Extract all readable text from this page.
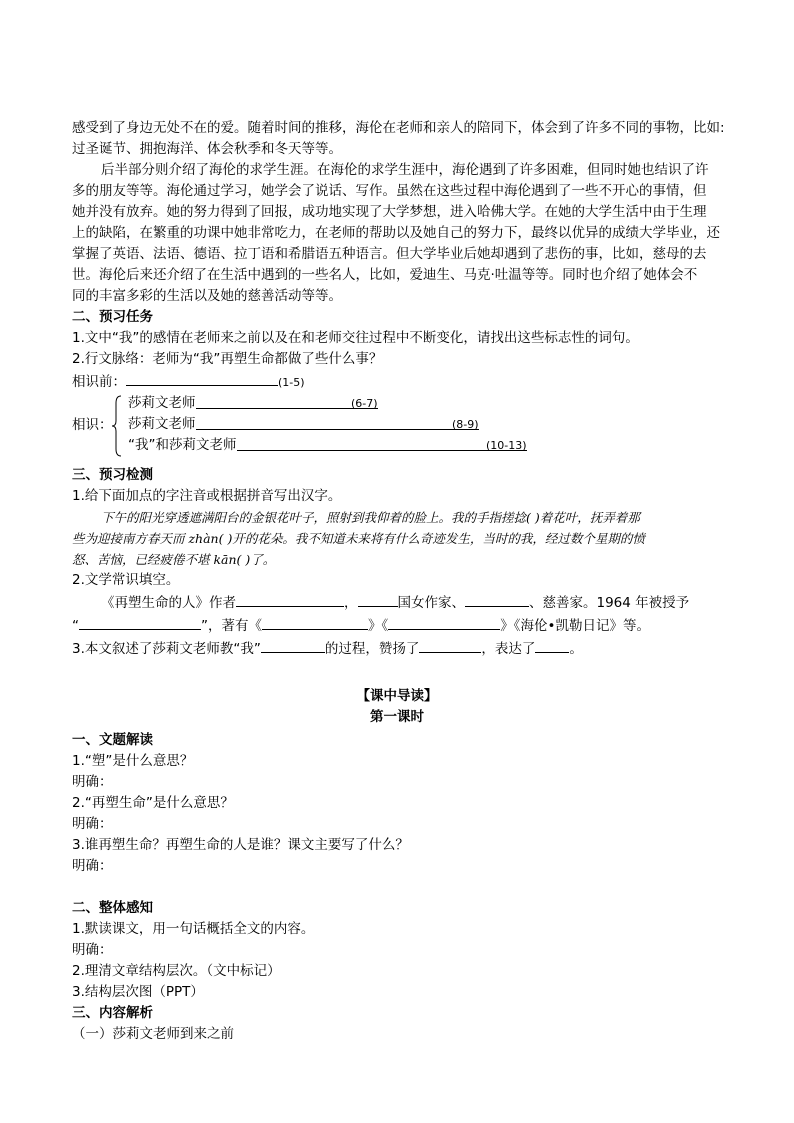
感受到了身边无处不在的爱。随着时间的推移，海伦在老师和亲人的陪同下，体会到了许多不同的事物，比如:

过圣诞节、拥抱海洋、体会秋季和冬天等等。

后半部分则介绍了海伦的求学生涯。在海伦的求学生涯中，海伦遇到了许多困难，但同时她也结识了许

多的朋友等等。海伦通过学习，她学会了说话、写作。虽然在这些过程中海伦遇到了一些不开心的事情，但

她并没有放弃。她的努力得到了回报，成功地实现了大学梦想，进入哈佛大学。在她的大学生活中由于生理

上的缺陷，在繁重的功课中她非常吃力，在老师的帮助以及她自己的努力下，最终以优异的成绩大学毕业，还

掌握了英语、法语、德语、拉丁语和希腊语五种语言。但大学毕业后她却遇到了悲伤的事，比如，慈母的去

世。海伦后来还介绍了在生活中遇到的一些名人，比如，爱迪生、马克·吐温等等。同时也介绍了她体会不

同的丰富多彩的生活以及她的慈善活动等等。

二、预习任务

1.文中“我”的感情在老师来之前以及在和老师交往过程中不断变化，请找出这些标志性的词句。

2.行文脉络：老师为“我”再塑生命都做了些什么事？

相识前：	(1-5)

相识：

莎莉文老师	(6-7)

莎莉文老师	(8-9)

“我”和莎莉文老师	(10-13)

三、预习检测

1.给下面加点的字注音或根据拼音写出汉字。

下午的阳光穿透遮满阳台的金银花叶子，照射到我仰着的脸上。我的手指搓捻( )着花叶，抚弄着那

些为迎接南方春天而 zhàn( )开的花朵。我不知道未来将有什么奇迹发生，当时的我，经过数个星期的愤

怒、苦恼，已经疲倦不堪 kān( )了。

2.文学常识填空。

《再塑生命的人》作者	，	国女作家、	、慈善家。1964 年被授予

“	”，著有《	》《	》《海伦•凯勒日记》等。

3.本文叙述了莎莉文老师教“我”	的过程，赞扬了	，表达了	。

【课中导读】

第一课时

一、文题解读

1.“塑”是什么意思？

明确：

2.“再塑生命”是什么意思？

明确：

3.谁再塑生命？再塑生命的人是谁？课文主要写了什么？

明确：

二、整体感知

1.默读课文，用一句话概括全文的内容。

明确：

2.理清文章结构层次。（文中标记）

3.结构层次图（PPT）

三、内容解析

（一）莎莉文老师到来之前
